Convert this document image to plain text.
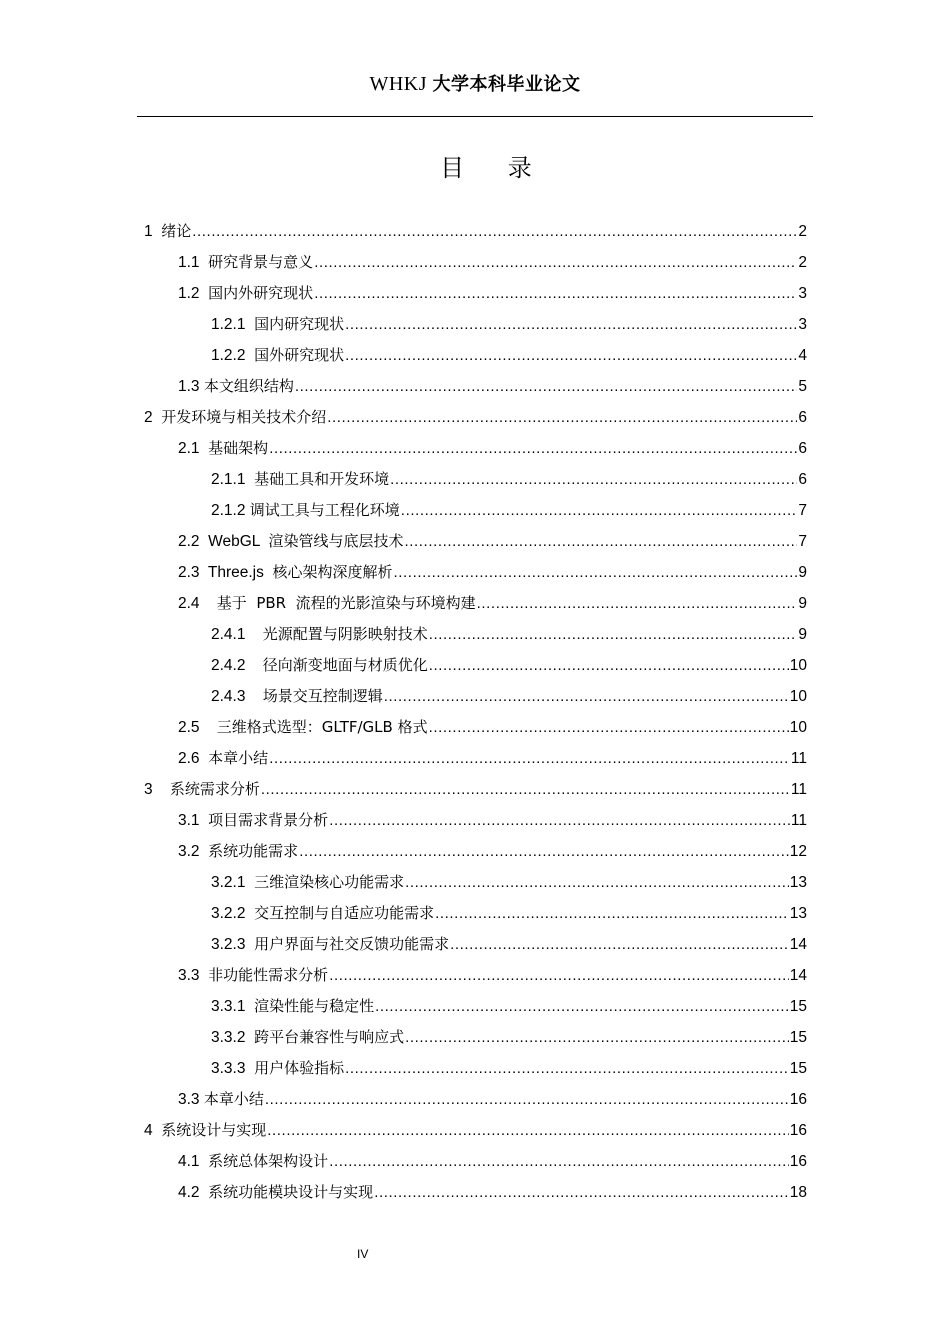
WHKJ 大学本科毕业论文
目 录
1 绪论 .....	2
1.1 研究背景与意义 .....	2
1.2 国内外研究现状 .....	3
1.2.1 国内研究现状 .....	3
1.2.2 国外研究现状 .....	4
1.3 本文组织结构 .....	5
2 开发环境与相关技术介绍 .....	6
2.1 基础架构 .....	6
2.1.1 基础工具和开发环境 .....	6
2.1.2 调试工具与工程化环境 .....	7
2.2  WebGL 渲染管线与底层技术 .....	7
2.3  Three.js 核心架构深度解析 .....	9
2.4 基于  PBR  流程的光影渲染与环境构建 .....	9
2.4.1 光源配置与阴影映射技术 .....	9
2.4.2 径向渐变地面与材质优化 .....	10
2.4.3 场景交互控制逻辑 .....	10
2.5 三维格式选型：GLTF/GLB 格式 .....	10
2.6 本章小结 .....	11
3 系统需求分析 .....	11
3.1 项目需求背景分析 .....	11
3.2 系统功能需求 .....	12
3.2.1 三维渲染核心功能需求 .....	13
3.2.2 交互控制与自适应功能需求 .....	13
3.2.3 用户界面与社交反馈功能需求 .....	14
3.3 非功能性需求分析 .....	14
3.3.1 渲染性能与稳定性 .....	15
3.3.2 跨平台兼容性与响应式 .....	15
3.3.3 用户体验指标 .....	15
3.3 本章小结 .....	16
4 系统设计与实现 .....	16
4.1 系统总体架构设计 .....	16
4.2 系统功能模块设计与实现 .....	18
IV
